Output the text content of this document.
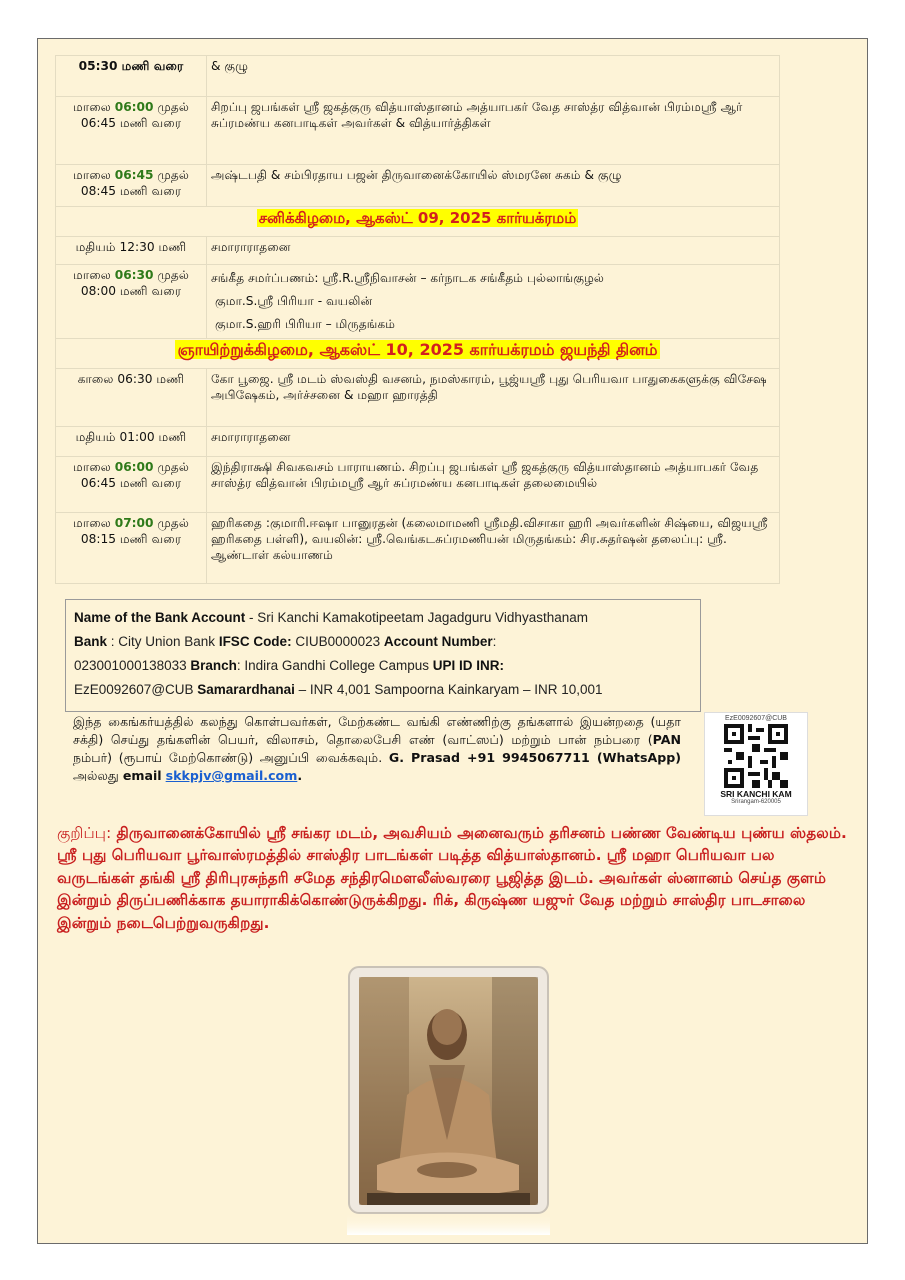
05:30 மணி வரை	& குழு
மாலை 06:00 முதல்
06:45 மணி வரை	சிறப்பு ஜபங்கள் ஸ்ரீ ஜகத்குரு வித்யாஸ்தானம் அத்யாபகர் வேத சாஸ்த்ர வித்வான் பிரம்மஸ்ரீ ஆர் சுப்ரமண்ய கனபாடிகள் அவர்கள் & வித்யார்த்திகள்
மாலை 06:45 முதல்
08:45 மணி வரை	அஷ்டபதி & சம்பிரதாய பஜன் திருவானைக்கோயில் ஸ்மரனே சுகம் & குழு
சனிக்கிழமை, ஆகஸ்ட் 09, 2025 கார்யக்ரமம்	
மதியம் 12:30 மணி	சமாராராதனை
மாலை 06:30 முதல்
08:00 மணி வரை	சங்கீத சமர்ப்பணம்: ஸ்ரீ.R.ஸ்ரீநிவாசன் – கர்நாடக சங்கீதம் புல்லாங்குழல்
குமா.S.ஸ்ரீ பிரியா - வயலின்
குமா.S.ஹரி பிரியா – மிருதங்கம்
ஞாயிற்றுக்கிழமை, ஆகஸ்ட் 10, 2025 கார்யக்ரமம் ஜயந்தி தினம்	
காலை 06:30 மணி	கோ பூஜை. ஸ்ரீ மடம் ஸ்வஸ்தி வசனம், நமஸ்காரம், பூஜ்யஸ்ரீ புது பெரியவா பாதுகைகளுக்கு விசேஷ அபிஷேகம், அர்ச்சனை & மஹா ஹாரத்தி
மதியம் 01:00 மணி	சமாராராதனை
மாலை 06:00 முதல்
06:45 மணி வரை	இந்திராக்ஷி சிவகவசம் பாராயணம். சிறப்பு ஜபங்கள் ஸ்ரீ ஜகத்குரு வித்யாஸ்தானம் அத்யாபகர் வேத சாஸ்த்ர வித்வான் பிரம்மஸ்ரீ ஆர் சுப்ரமண்ய கனபாடிகள் தலைமையில்
மாலை 07:00 முதல்
08:15 மணி வரை	ஹரிகதை :குமாரி.ஈஷா பானுரதன் (கலைமாமணி ஸ்ரீமதி.விசாகா ஹரி அவர்களின் சிஷ்யை, விஜயஸ்ரீ ஹரிகதை பள்ளி), வயலின்: ஸ்ரீ.வெங்கடசுப்ரமணியன் மிருதங்கம்: சிர.சுதர்ஷன் தலைப்பு: ஸ்ரீ. ஆண்டாள் கல்யாணம்
Name of the Bank Account - Sri Kanchi Kamakotipeetam Jagadguru Vidhyasthanam
Bank : City Union Bank IFSC Code: CIUB0000023 Account Number:
023001000138033 Branch: Indira Gandhi College Campus UPI ID INR:
EzE0092607@CUB Samarardhanai – INR 4,001 Sampoorna Kainkaryam – INR 10,001
இந்த கைங்கர்யத்தில் கலந்து கொள்பவர்கள், மேற்கண்ட வங்கி எண்ணிற்கு தங்களால் இயன்றதை (யதா சக்தி) செய்து தங்களின் பெயர், விலாசம், தொலைபேசி எண் (வாட்ஸப்) மற்றும் பான் நம்பரை (PAN நம்பர்) (ரூபாய் மேற்கொண்டு) அனுப்பி வைக்கவும். G. Prasad +91 9945067711 (WhatsApp) அல்லது email skkpjv@gmail.com.
EzE0092607@CUB
SRI KANCHI KAM
Srirangam-620005
குறிப்பு: திருவானைக்கோயில் ஸ்ரீ சங்கர மடம், அவசியம் அனைவரும் தரிசனம் பண்ண வேண்டிய புண்ய ஸ்தலம். ஸ்ரீ புது பெரியவா பூர்வாஸ்ரமத்தில் சாஸ்திர பாடங்கள் படித்த வித்யாஸ்தானம். ஸ்ரீ மஹா பெரியவா பல வருடங்கள் தங்கி ஸ்ரீ திரிபுரசுந்தரி சமேத சந்திரமௌலீஸ்வரரை பூஜித்த இடம். அவர்கள் ஸ்னானம் செய்த குளம் இன்றும் திருப்பணிக்காக தயாராகிக்கொண்டுருக்கிறது. ரிக், கிருஷ்ண யஜுர் வேத மற்றும் சாஸ்திர பாடசாலை இன்றும் நடைபெற்றுவருகிறது.
